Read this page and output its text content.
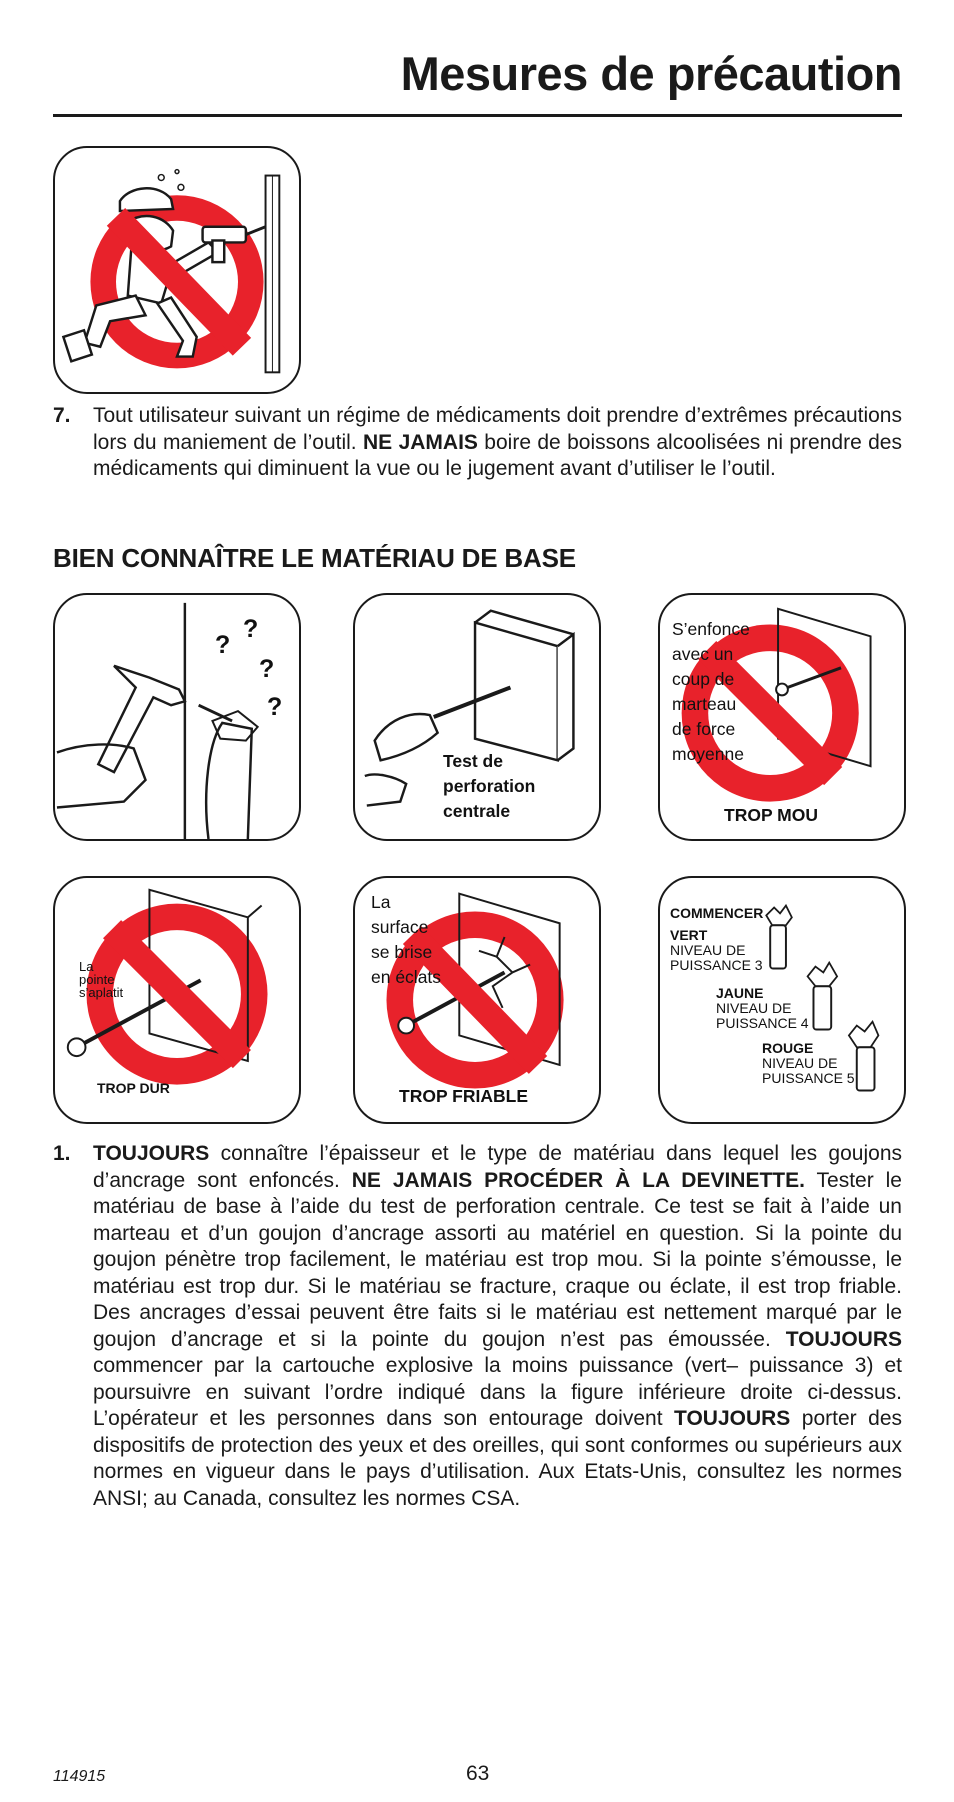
Mesures de précaution
7. Tout utilisateur suivant un régime de médicaments doit prendre d’extrêmes précautions lors du maniement de l’outil. NE JAMAIS boire de boissons alcoolisées ni prendre des médicaments qui diminuent la vue ou le jugement avant d’utiliser le l’outil.
BIEN CONNAÎTRE LE MATÉRIAU DE BASE
?
?
?
?
Test de
perforation
centrale
S’enfonce
avec un
coup de
marteau
de force
moyenne
TROP MOU
La
pointe
s’aplatit
TROP DUR
La
surface
se brise
en éclats
TROP FRIABLE
COMMENCER
VERT
NIVEAU DE
PUISSANCE 3
JAUNE
NIVEAU DE
PUISSANCE 4
ROUGE
NIVEAU DE
PUISSANCE 5
1. TOUJOURS connaître l’épaisseur et le type de matériau dans lequel les goujons d’ancrage sont enfoncés. NE JAMAIS PROCÉDER À LA DEVINETTE. Tester le matériau de base à l’aide du test de perforation centrale. Ce test se fait à l’aide un marteau et d’un goujon d’ancrage assorti au matériel en question. Si la pointe du goujon pénètre trop facilement, le matériau est trop mou. Si la pointe s’émousse, le matériau est trop dur. Si le matériau se fracture, craque ou éclate, il est trop friable. Des ancrages d’essai peuvent être faits si le matériau est nettement marqué par le goujon d’ancrage et si la pointe du goujon n’est pas émoussée. TOUJOURS commencer par la cartouche explosive la moins puissance (vert– puissance 3) et poursuivre en suivant l’ordre indiqué dans la figure inférieure droite ci-dessus. L’opérateur et les personnes dans son entourage doivent TOUJOURS porter des dispositifs de protection des yeux et des oreilles, qui sont conformes ou supérieurs aux normes en vigueur dans le pays d’utilisation. Aux Etats-Unis, consultez les normes ANSI; au Canada, consultez les normes CSA.
114915	63
